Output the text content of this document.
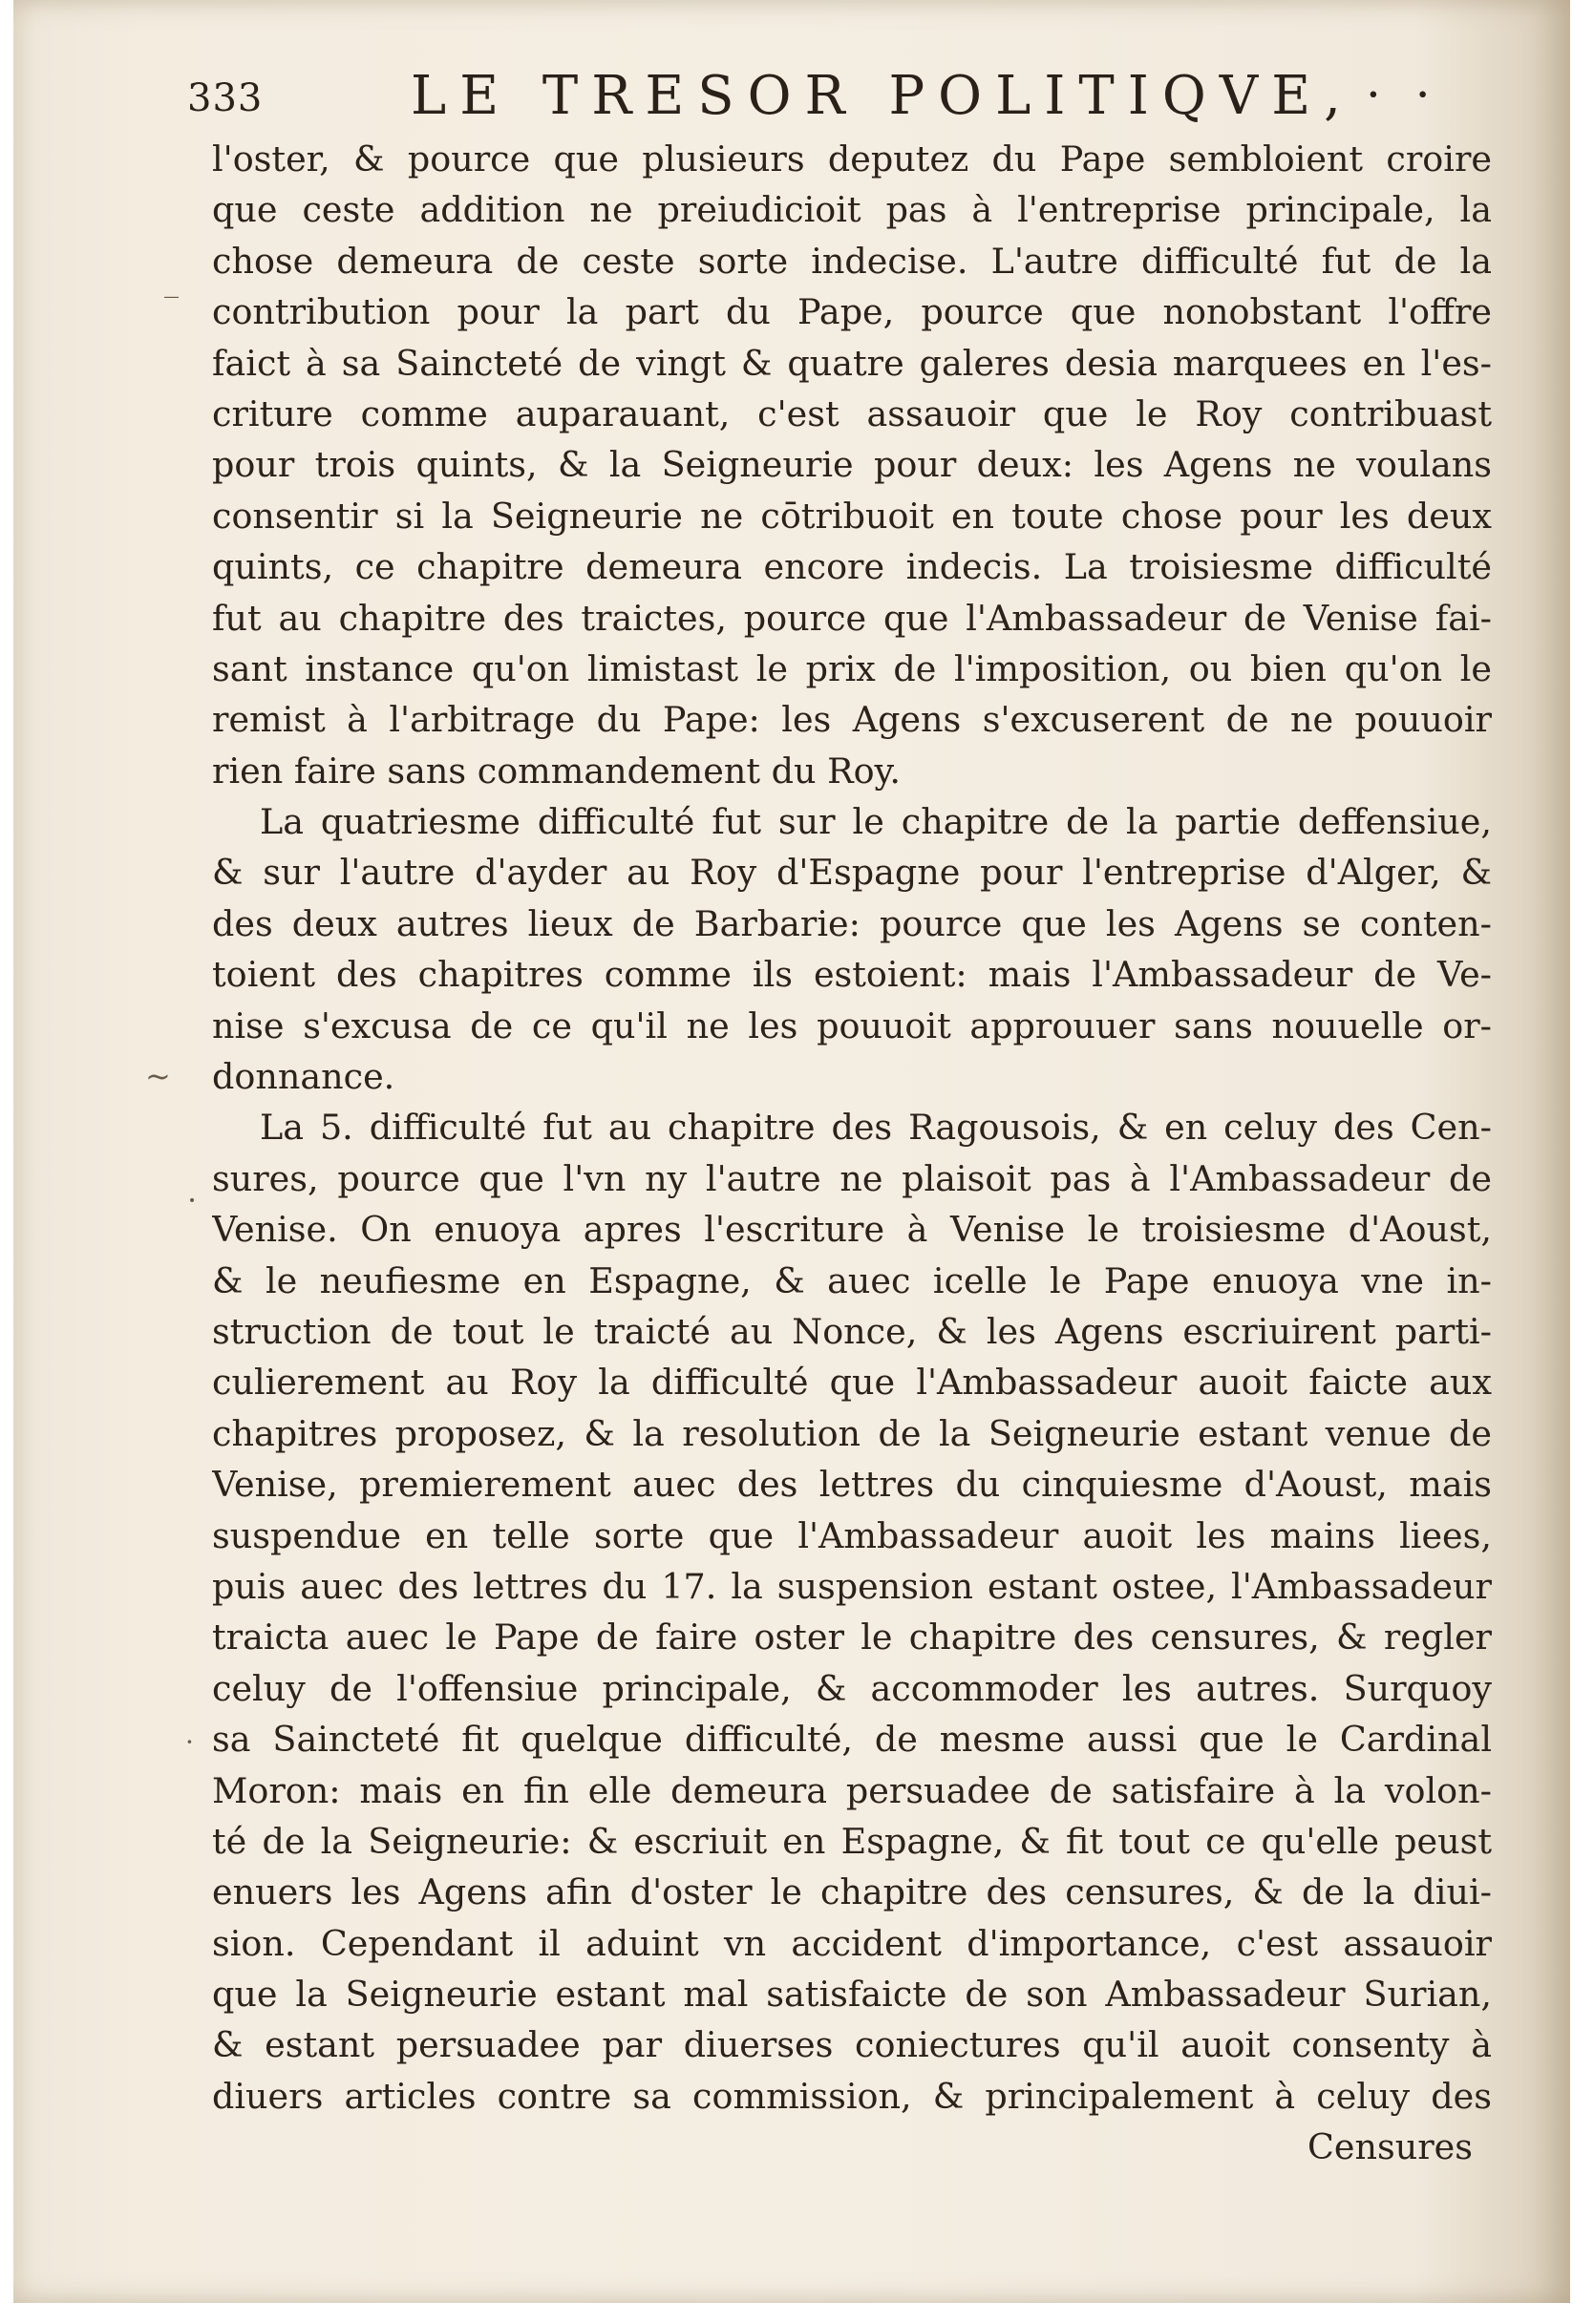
333	LE TRESOR POLITIQVE, · ·
_
~
·
·
l'oster, & pource que plusieurs deputez du Pape sembloient croire
que ceste addition ne preiudicioit pas à l'entreprise principale, la
chose demeura de ceste sorte indecise. L'autre difficulté fut de la
contribution pour la part du Pape, pource que nonobstant l'offre
faict à sa Saincteté de vingt & quatre galeres desia marquees en l'es-
criture comme auparauant, c'est assauoir que le Roy contribuast
pour trois quints, & la Seigneurie pour deux: les Agens ne voulans
consentir si la Seigneurie ne cōtribuoit en toute chose pour les deux
quints, ce chapitre demeura encore indecis. La troisiesme difficulté
fut au chapitre des traictes, pource que l'Ambassadeur de Venise fai-
sant instance qu'on limistast le prix de l'imposition, ou bien qu'on le
remist à l'arbitrage du Pape: les Agens s'excuserent de ne pouuoir
rien faire sans commandement du Roy.
La quatriesme difficulté fut sur le chapitre de la partie deffensiue,
& sur l'autre d'ayder au Roy d'Espagne pour l'entreprise d'Alger, &
des deux autres lieux de Barbarie: pource que les Agens se conten-
toient des chapitres comme ils estoient: mais l'Ambassadeur de Ve-
nise s'excusa de ce qu'il ne les pouuoit approuuer sans nouuelle or-
donnance.
La 5. difficulté fut au chapitre des Ragousois, & en celuy des Cen-
sures, pource que l'vn ny l'autre ne plaisoit pas à l'Ambassadeur de
Venise. On enuoya apres l'escriture à Venise le troisiesme d'Aoust,
& le neufiesme en Espagne, & auec icelle le Pape enuoya vne in-
struction de tout le traicté au Nonce, & les Agens escriuirent parti-
culierement au Roy la difficulté que l'Ambassadeur auoit faicte aux
chapitres proposez, & la resolution de la Seigneurie estant venue de
Venise, premierement auec des lettres du cinquiesme d'Aoust, mais
suspendue en telle sorte que l'Ambassadeur auoit les mains liees,
puis auec des lettres du 17. la suspension estant ostee, l'Ambassadeur
traicta auec le Pape de faire oster le chapitre des censures, & regler
celuy de l'offensiue principale, & accommoder les autres. Surquoy
sa Saincteté fit quelque difficulté, de mesme aussi que le Cardinal
Moron: mais en fin elle demeura persuadee de satisfaire à la volon-
té de la Seigneurie: & escriuit en Espagne, & fit tout ce qu'elle peust
enuers les Agens afin d'oster le chapitre des censures, & de la diui-
sion. Cependant il aduint vn accident d'importance, c'est assauoir
que la Seigneurie estant mal satisfaicte de son Ambassadeur Surian,
& estant persuadee par diuerses coniectures qu'il auoit consenty à
diuers articles contre sa commission, & principalement à celuy des
Censures
